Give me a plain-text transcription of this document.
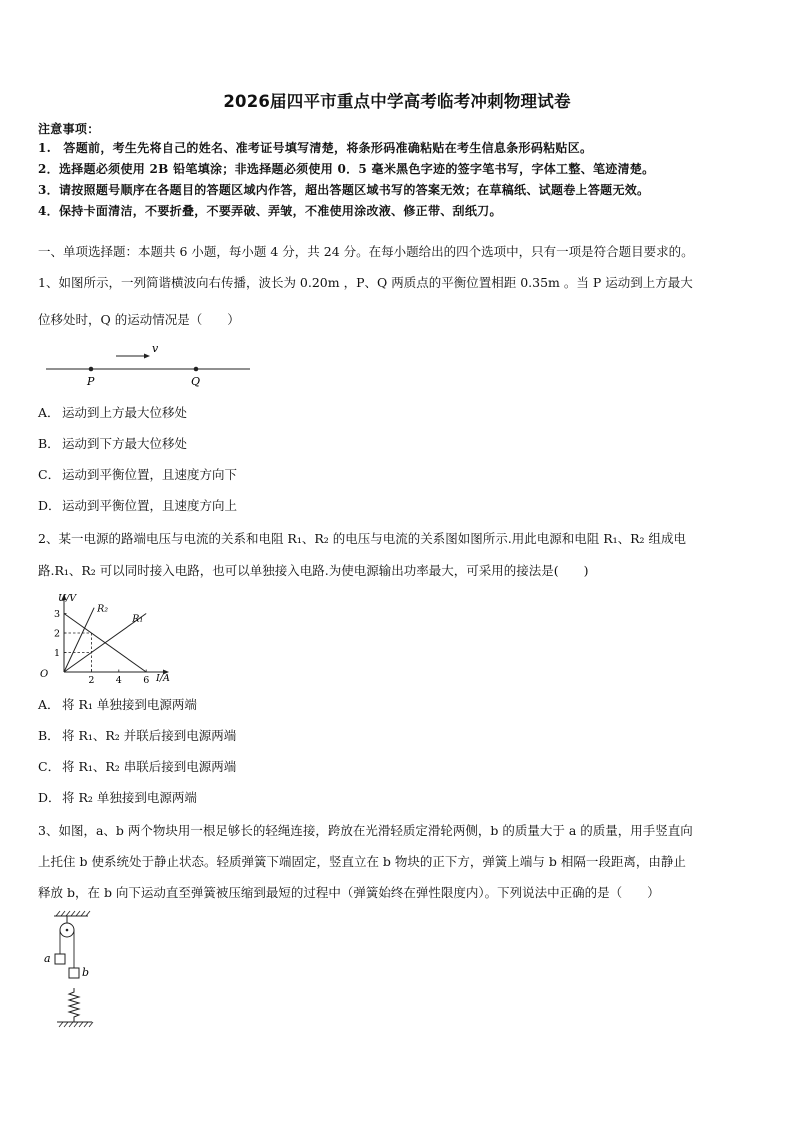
2026届四平市重点中学高考临考冲刺物理试卷
注意事项：
1.　答题前，考生先将自己的姓名、准考证号填写清楚，将条形码准确粘贴在考生信息条形码粘贴区。
2．选择题必须使用 2B 铅笔填涂；非选择题必须使用 0．5 毫米黑色字迹的签字笔书写，字体工整、笔迹清楚。
3．请按照题号顺序在各题目的答题区域内作答，超出答题区域书写的答案无效；在草稿纸、试题卷上答题无效。
4．保持卡面清洁，不要折叠，不要弄破、弄皱，不准使用涂改液、修正带、刮纸刀。
一、单项选择题：本题共 6 小题，每小题 4 分，共 24 分。在每小题给出的四个选项中，只有一项是符合题目要求的。
1、如图所示，一列简谐横波向右传播，波长为 0.20m ，P、Q 两质点的平衡位置相距 0.35m 。当 P 运动到上方最大
位移处时，Q 的运动情况是（　　）
v
P	Q
A． 运动到上方最大位移处
B． 运动到下方最大位移处
C． 运动到平衡位置，且速度方向下
D．运动到平衡位置，且速度方向上
2、某一电源的路端电压与电流的关系和电阻 R₁、R₂ 的电压与电流的关系图如图所示.用此电源和电阻 R₁、R₂ 组成电
路.R₁、R₂ 可以同时接入电路，也可以单独接入电路.为使电源输出功率最大，可采用的接法是(　　)
U/V
I/A
O
R₂
R₁
2 4 6
1
2
3
A． 将 R₁ 单独接到电源两端
B． 将 R₁、R₂ 并联后接到电源两端
C． 将 R₁、R₂ 串联后接到电源两端
D．将 R₂ 单独接到电源两端
3、如图，a、b 两个物块用一根足够长的轻绳连接，跨放在光滑轻质定滑轮两侧，b 的质量大于 a 的质量，用手竖直向
上托住 b 使系统处于静止状态。轻质弹簧下端固定，竖直立在 b 物块的正下方，弹簧上端与 b 相隔一段距离，由静止
释放 b，在 b 向下运动直至弹簧被压缩到最短的过程中（弹簧始终在弹性限度内）。下列说法中正确的是（　　）
a
b
